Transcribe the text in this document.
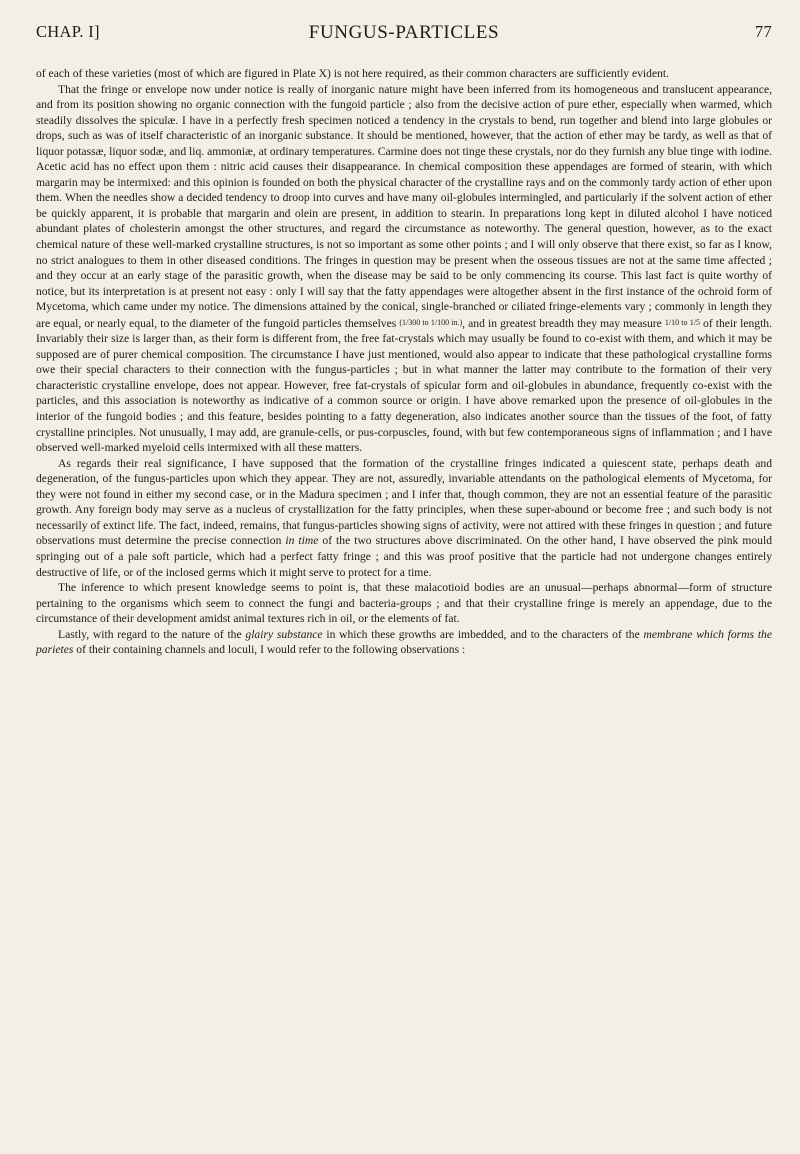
CHAP. I]	FUNGUS-PARTICLES	77

of each of these varieties (most of which are figured in Plate X) is not here required, as their common characters are sufficiently evident.

That the fringe or envelope now under notice is really of inorganic nature might have been inferred from its homogeneous and translucent appearance, and from its position showing no organic connection with the fungoid particle ; also from the decisive action of pure ether, especially when warmed, which steadily dissolves the spiculæ. I have in a perfectly fresh specimen noticed a tendency in the crystals to bend, run together and blend into large globules or drops, such as was of itself characteristic of an inorganic substance. It should be mentioned, however, that the action of ether may be tardy, as well as that of liquor potassæ, liquor sodæ, and liq. ammoniæ, at ordinary temperatures. Carmine does not tinge these crystals, nor do they furnish any blue tinge with iodine. Acetic acid has no effect upon them : nitric acid causes their disappearance. In chemical composition these appendages are formed of stearin, with which margarin may be intermixed: and this opinion is founded on both the physical character of the crystalline rays and on the commonly tardy action of ether upon them. When the needles show a decided tendency to droop into curves and have many oil-globules intermingled, and particularly if the solvent action of ether be quickly apparent, it is probable that margarin and olein are present, in addition to stearin. In preparations long kept in diluted alcohol I have noticed abundant plates of cholesterin amongst the other structures, and regard the circumstance as noteworthy. The general question, however, as to the exact chemical nature of these well-marked crystalline structures, is not so important as some other points ; and I will only observe that there exist, so far as I know, no strict analogues to them in other diseased conditions. The fringes in question may be present when the osseous tissues are not at the same time affected ; and they occur at an early stage of the parasitic growth, when the disease may be said to be only commencing its course. This last fact is quite worthy of notice, but its interpretation is at present not easy : only I will say that the fatty appendages were altogether absent in the first instance of the ochroid form of Mycetoma, which came under my notice. The dimensions attained by the conical, single-branched or ciliated fringe-elements vary ; commonly in length they are equal, or nearly equal, to the diameter of the fungoid particles themselves (1/300 to 1/100 in.), and in greatest breadth they may measure 1/10 to 1/5 of their length. Invariably their size is larger than, as their form is different from, the free fat-crystals which may usually be found to co-exist with them, and which it may be supposed are of purer chemical composition. The circumstance I have just mentioned, would also appear to indicate that these pathological crystalline forms owe their special characters to their connection with the fungus-particles ; but in what manner the latter may contribute to the formation of their very characteristic crystalline envelope, does not appear. However, free fat-crystals of spicular form and oil-globules in abundance, frequently co-exist with the particles, and this association is noteworthy as indicative of a common source or origin. I have above remarked upon the presence of oil-globules in the interior of the fungoid bodies ; and this feature, besides pointing to a fatty degeneration, also indicates another source than the tissues of the foot, of fatty crystalline principles. Not unusually, I may add, are granule-cells, or pus-corpuscles, found, with but few contemporaneous signs of inflammation ; and I have observed well-marked myeloid cells intermixed with all these matters.

As regards their real significance, I have supposed that the formation of the crystalline fringes indicated a quiescent state, perhaps death and degeneration, of the fungus-particles upon which they appear. They are not, assuredly, invariable attendants on the pathological elements of Mycetoma, for they were not found in either my second case, or in the Madura specimen ; and I infer that, though common, they are not an essential feature of the parasitic growth. Any foreign body may serve as a nucleus of crystallization for the fatty principles, when these super-abound or become free ; and such body is not necessarily of extinct life. The fact, indeed, remains, that fungus-particles showing signs of activity, were not attired with these fringes in question ; and future observations must determine the precise connection in time of the two structures above discriminated. On the other hand, I have observed the pink mould springing out of a pale soft particle, which had a perfect fatty fringe ; and this was proof positive that the particle had not undergone changes entirely destructive of life, or of the inclosed germs which it might serve to protect for a time.

The inference to which present knowledge seems to point is, that these malacotioid bodies are an unusual—perhaps abnormal—form of structure pertaining to the organisms which seem to connect the fungi and bacteria-groups ; and that their crystalline fringe is merely an appendage, due to the circumstance of their development amidst animal textures rich in oil, or the elements of fat.

Lastly, with regard to the nature of the glairy substance in which these growths are imbedded, and to the characters of the membrane which forms the parietes of their containing channels and loculi, I would refer to the following observations :
